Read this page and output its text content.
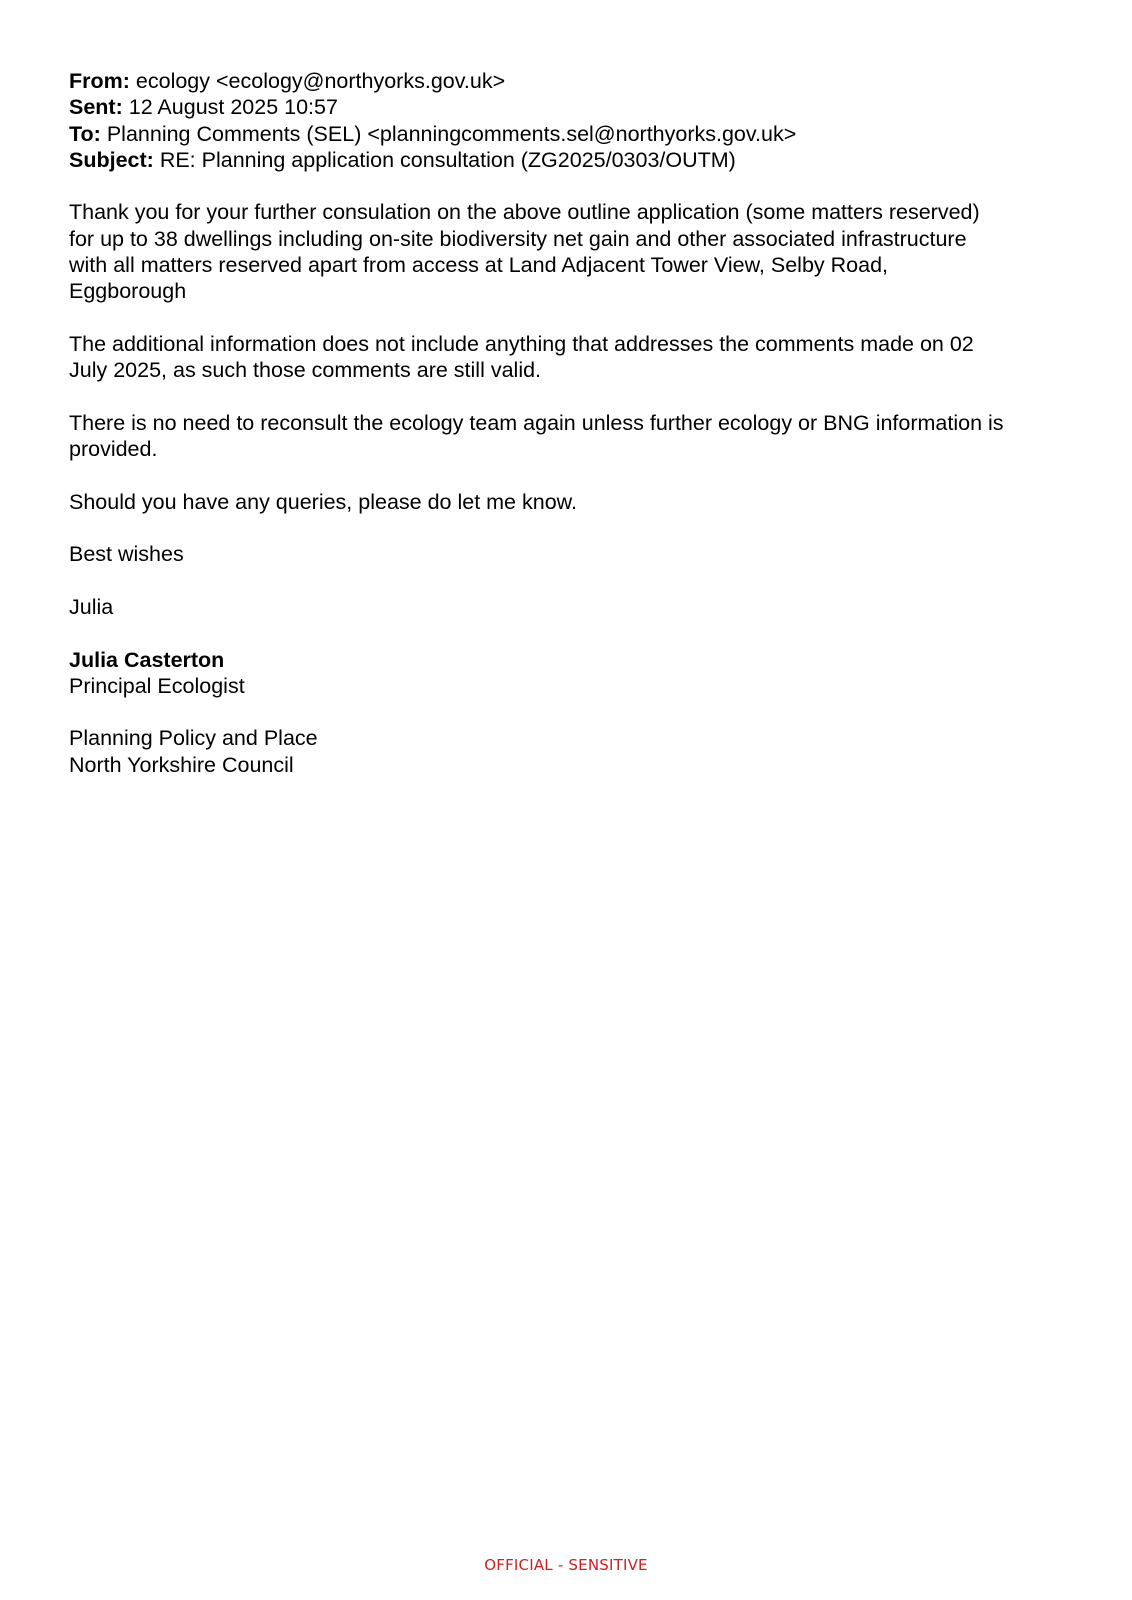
From: ecology <ecology@northyorks.gov.uk>
Sent: 12 August 2025 10:57
To: Planning Comments (SEL) <planningcomments.sel@northyorks.gov.uk>
Subject: RE: Planning application consultation (ZG2025/0303/OUTM)
Thank you for your further consulation on the above outline application (some matters reserved)
for up to 38 dwellings including on-site biodiversity net gain and other associated infrastructure
with all matters reserved apart from access at Land Adjacent Tower View, Selby Road,
Eggborough
The additional information does not include anything that addresses the comments made on 02
July 2025, as such those comments are still valid.
There is no need to reconsult the ecology team again unless further ecology or BNG information is
provided.
Should you have any queries, please do let me know.
Best wishes
Julia
Julia Casterton
Principal Ecologist
Planning Policy and Place
North Yorkshire Council
OFFICIAL - SENSITIVE
